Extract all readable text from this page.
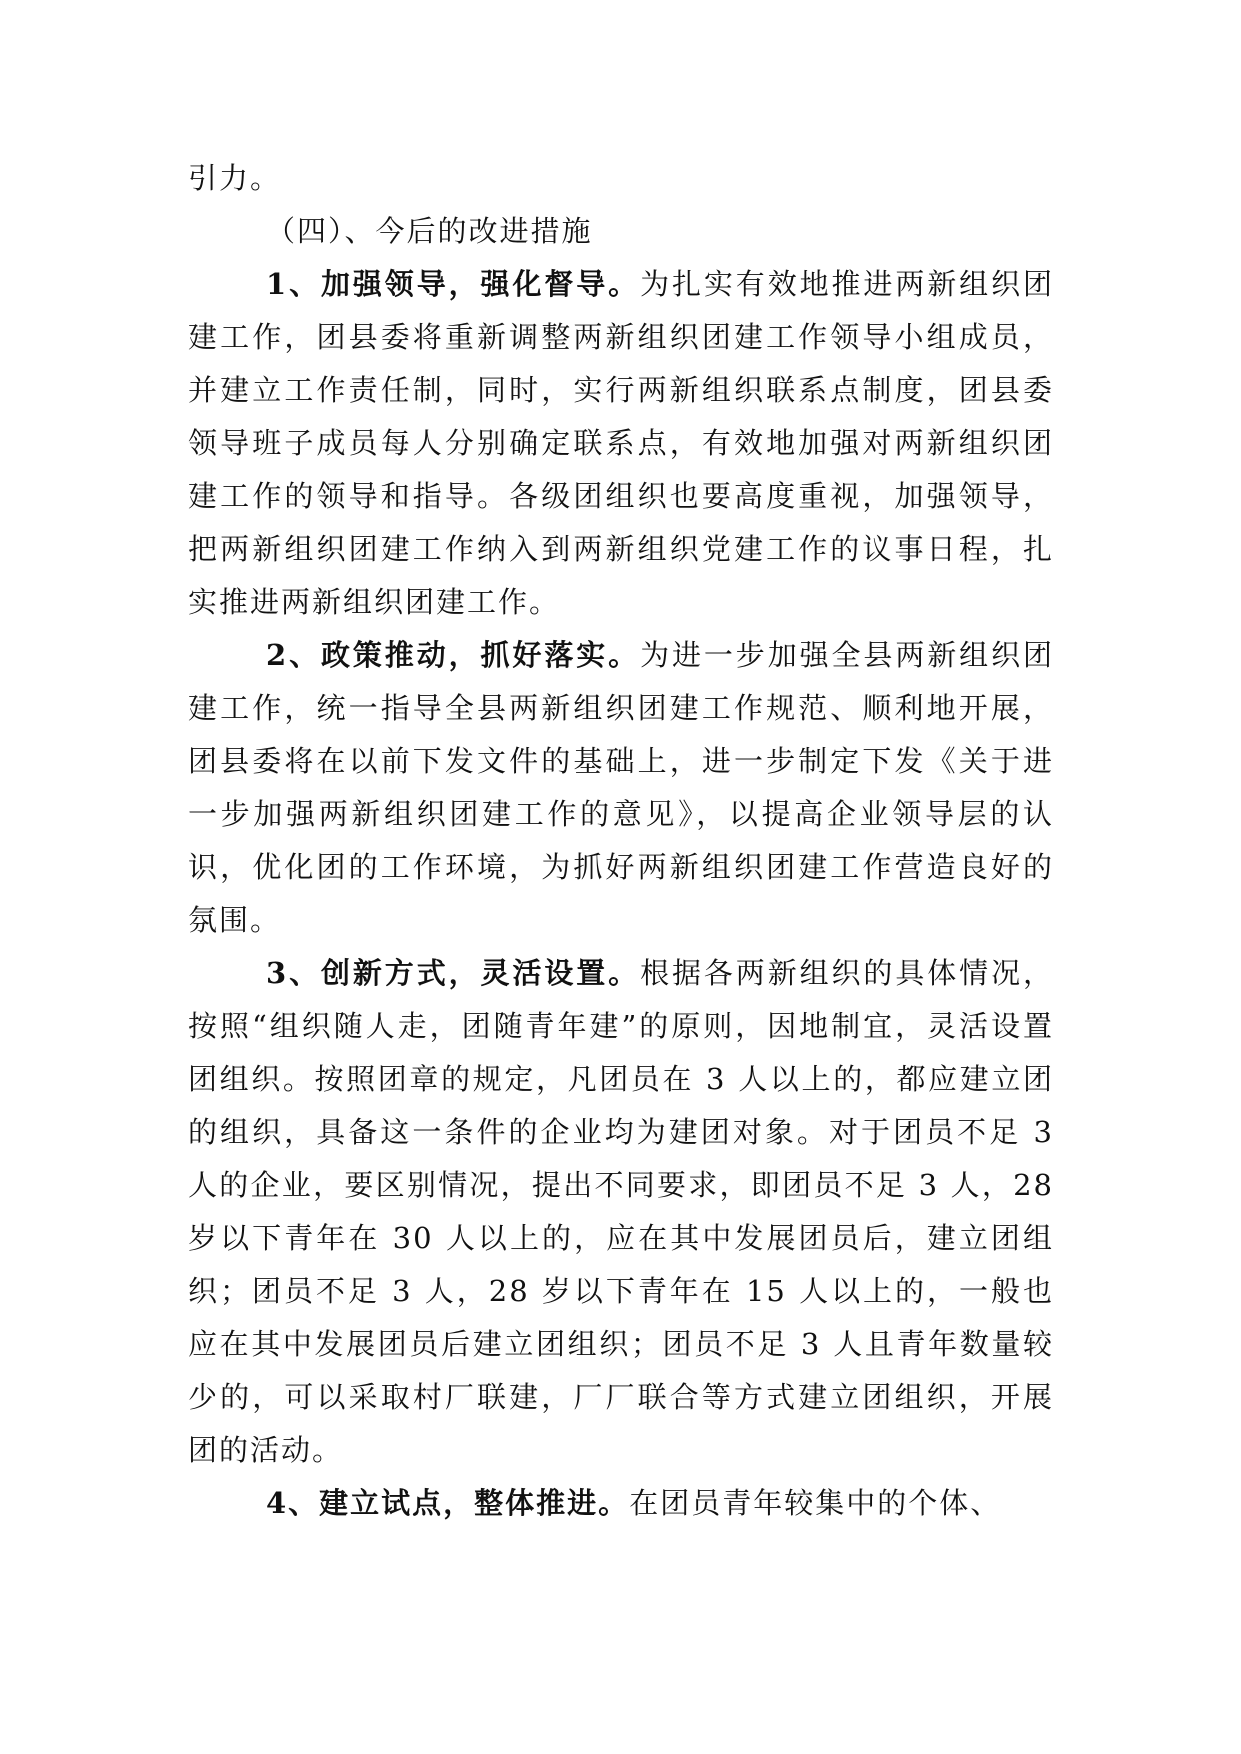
引力。

（四）、今后的改进措施

1、加强领导，强化督导。为扎实有效地推进两新组织团建工作，团县委将重新调整两新组织团建工作领导小组成员，并建立工作责任制，同时，实行两新组织联系点制度，团县委领导班子成员每人分别确定联系点，有效地加强对两新组织团建工作的领导和指导。各级团组织也要高度重视，加强领导，把两新组织团建工作纳入到两新组织党建工作的议事日程，扎实推进两新组织团建工作。

2、政策推动，抓好落实。为进一步加强全县两新组织团建工作，统一指导全县两新组织团建工作规范、顺利地开展，团县委将在以前下发文件的基础上，进一步制定下发《关于进一步加强两新组织团建工作的意见》，以提高企业领导层的认识，优化团的工作环境，为抓好两新组织团建工作营造良好的氛围。

3、创新方式，灵活设置。根据各两新组织的具体情况，按照“组织随人走，团随青年建”的原则，因地制宜，灵活设置团组织。按照团章的规定，凡团员在 3 人以上的，都应建立团的组织，具备这一条件的企业均为建团对象。对于团员不足 3 人的企业，要区别情况，提出不同要求，即团员不足 3 人，28 岁以下青年在 30 人以上的，应在其中发展团员后，建立团组织；团员不足 3 人，28 岁以下青年在 15 人以上的，一般也应在其中发展团员后建立团组织；团员不足 3 人且青年数量较少的，可以采取村厂联建，厂厂联合等方式建立团组织，开展团的活动。

4、建立试点，整体推进。在团员青年较集中的个体、
